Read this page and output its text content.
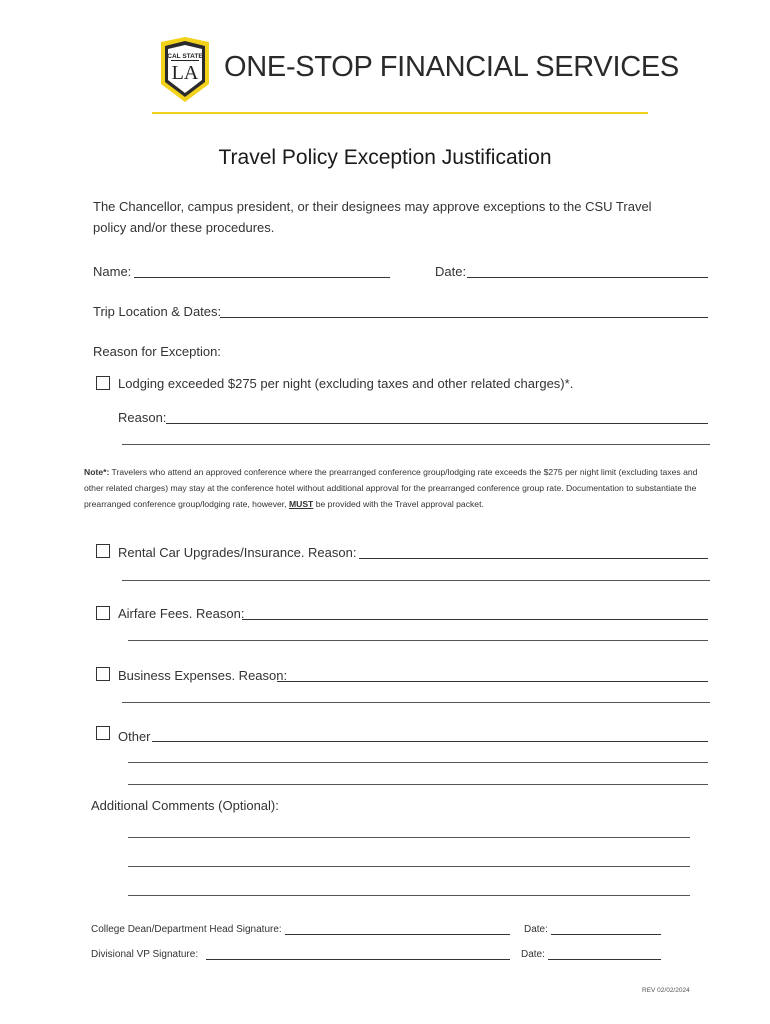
CAL STATE
LA ONE-STOP FINANCIAL SERVICES
Travel Policy Exception Justification
The Chancellor, campus president, or their designees may approve exceptions to the CSU Travel policy and/or these procedures.
Name:	Date:
Trip Location & Dates:
Reason for Exception:
Lodging exceeded $275 per night (excluding taxes and other related charges)*.
Reason:
Note*: Travelers who attend an approved conference where the prearranged conference group/lodging rate exceeds the $275 per night limit (excluding taxes and other related charges) may stay at the conference hotel without additional approval for the prearranged conference group rate. Documentation to substantiate the prearranged conference group/lodging rate, however, MUST be provided with the Travel approval packet.
Rental Car Upgrades/Insurance. Reason:
Airfare Fees. Reason:
Business Expenses. Reason:
Other
Additional Comments (Optional):
College Dean/Department Head Signature:	Date:
Divisional VP Signature:	Date:
REV 02/02/2024
